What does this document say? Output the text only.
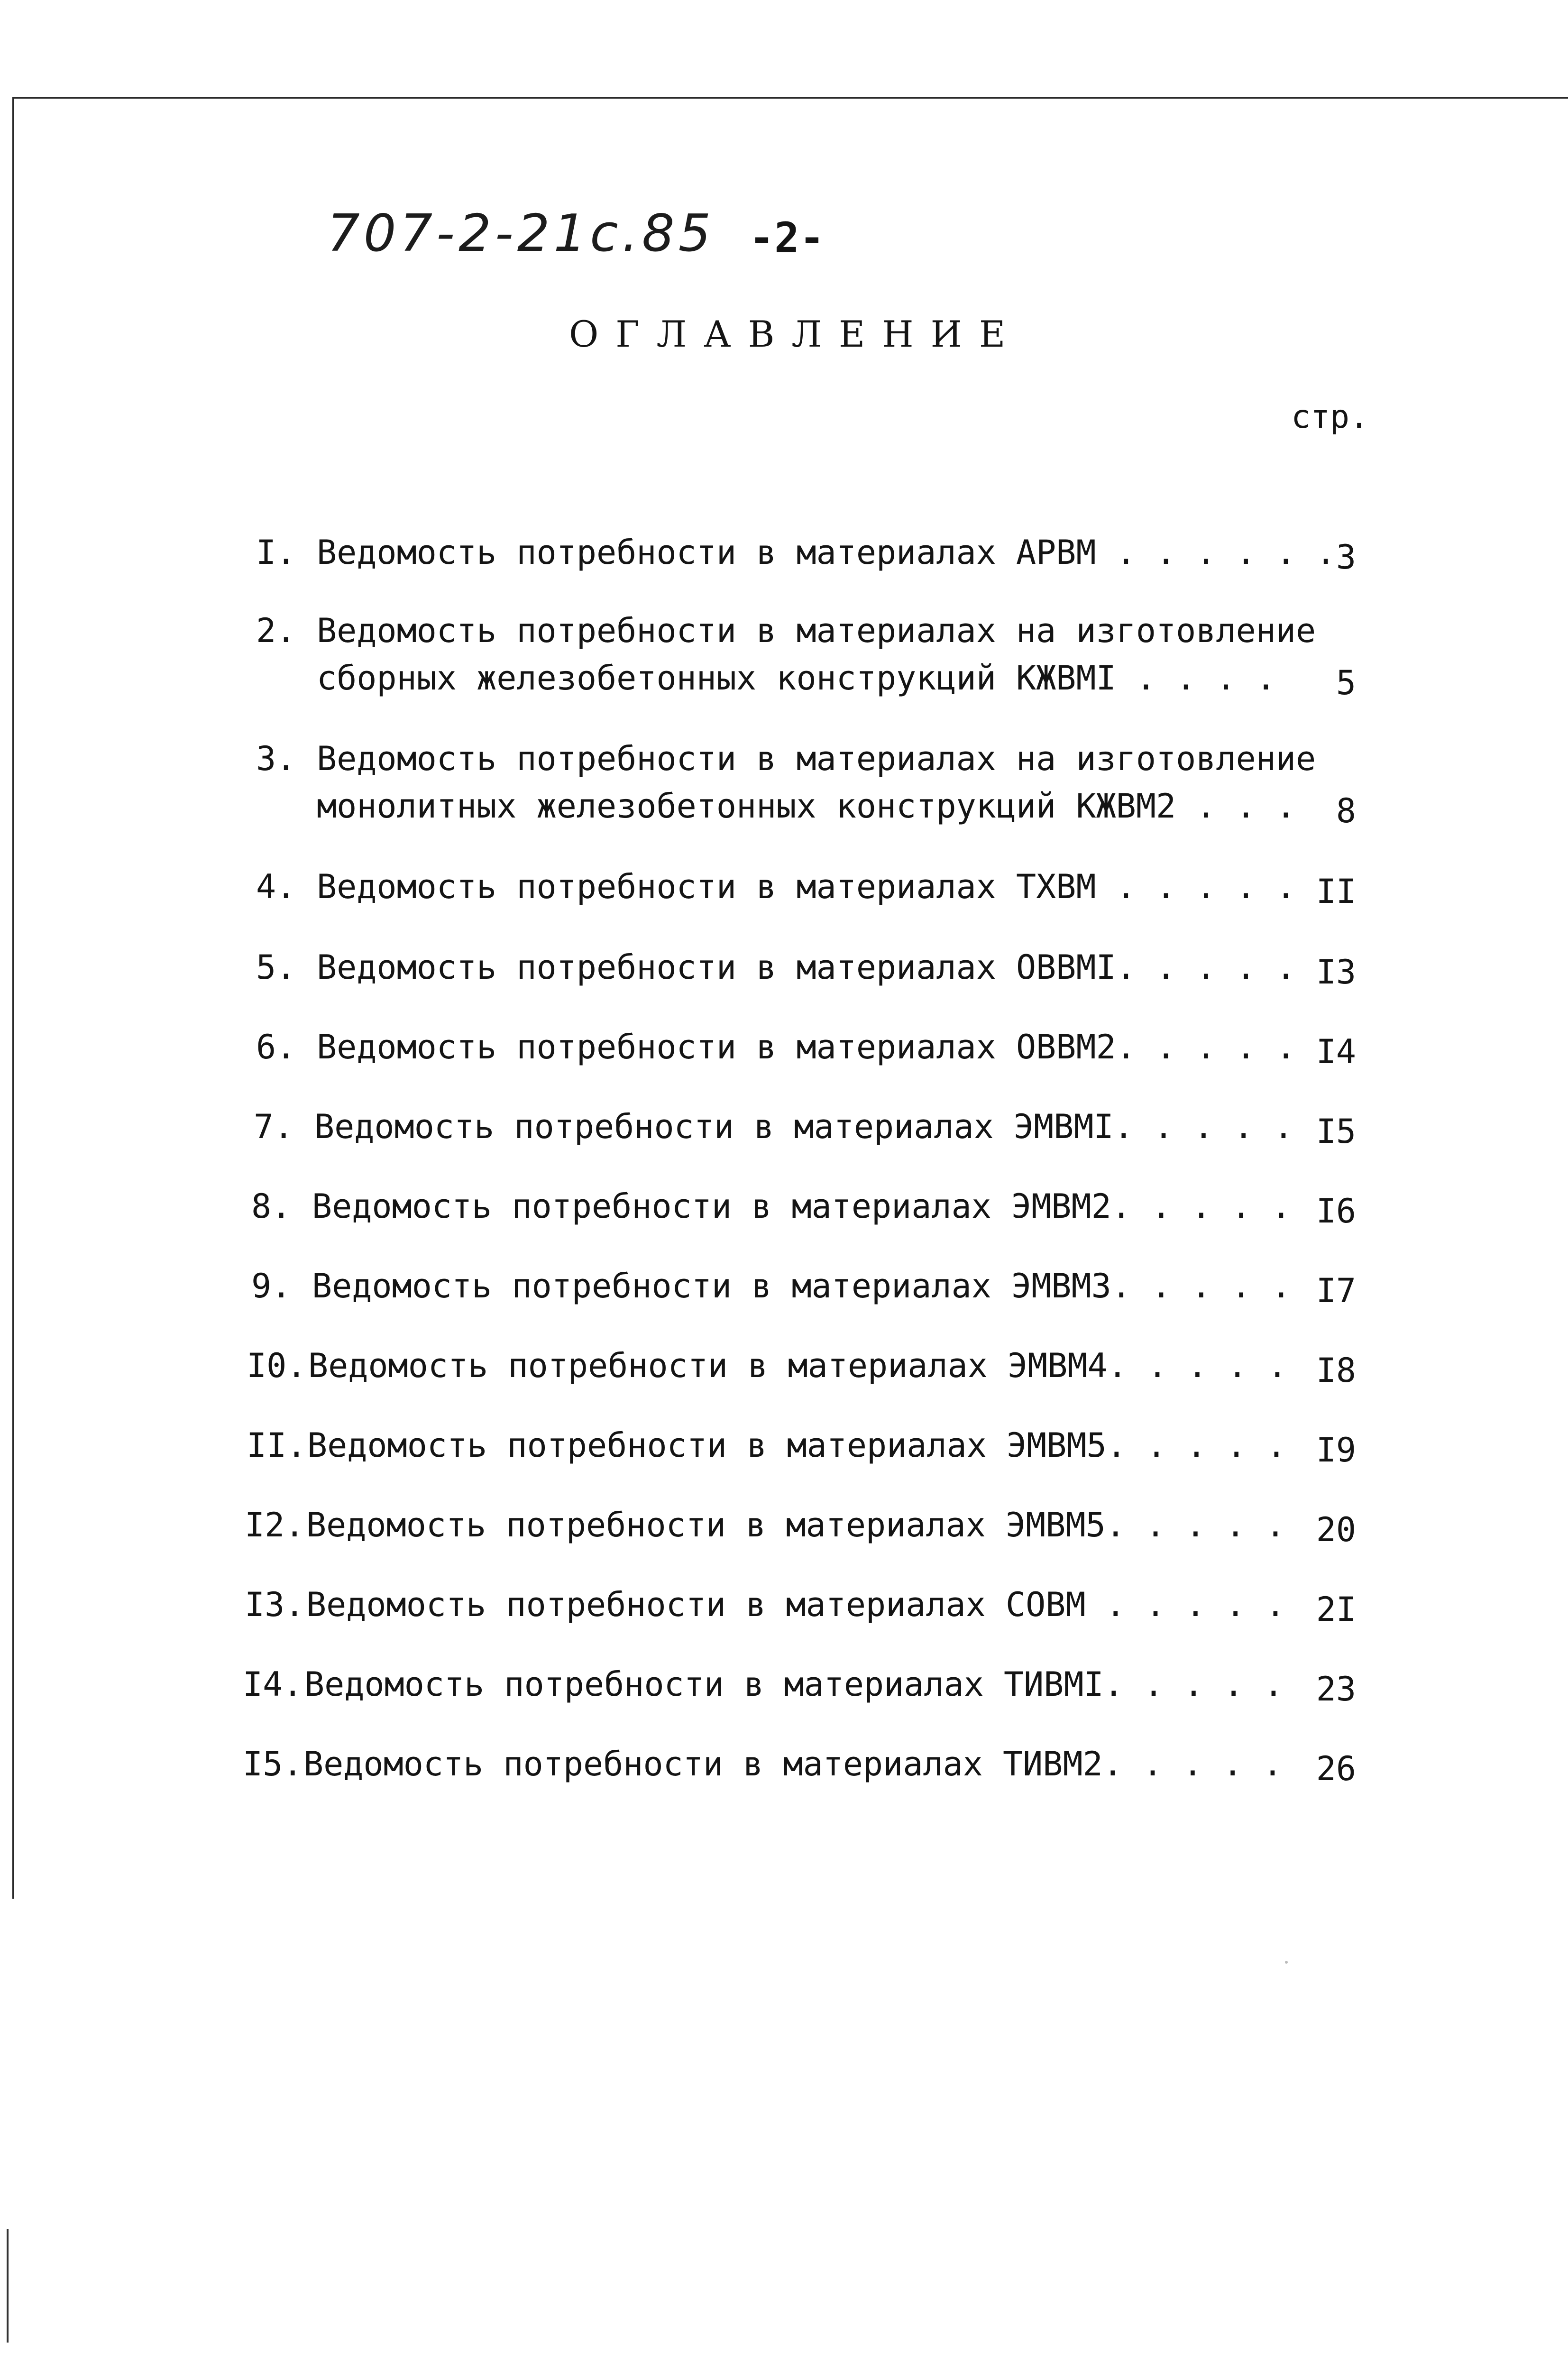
707-2-21с.85 -2-
ОГЛАВЛЕНИЕ
стр.
I. Ведомость потребности в материалах АРВМ . . . . . . 3
2. Ведомость потребности в материалах на изготовление
сборных железобетонных конструкций КЖВМI . . . .	5
3. Ведомость потребности в материалах на изготовление
монолитных железобетонных конструкций КЖВМ2 . . .	8
4. Ведомость потребности в материалах ТХВМ . . . . . II
5. Ведомость потребности в материалах ОВВМI. . . . . I3
6. Ведомость потребности в материалах ОВВМ2. . . . . I4
7. Ведомость потребности в материалах ЭМВМI. . . . . I5
8. Ведомость потребности в материалах ЭМВМ2. . . . . I6
9. Ведомость потребности в материалах ЭМВМ3. . . . . I7
I0. Ведомость потребности в материалах ЭМВМ4. . . . . I8
II. Ведомость потребности в материалах ЭМВМ5. . . . . I9
I2. Ведомость потребности в материалах ЭМВМ5. . . . . 20
I3. Ведомость потребности в материалах СОВМ . . . . . 2I
I4. Ведомость потребности в материалах ТИВМI. . . . . 23
I5. Ведомость потребности в материалах ТИВМ2. . . . .	26
